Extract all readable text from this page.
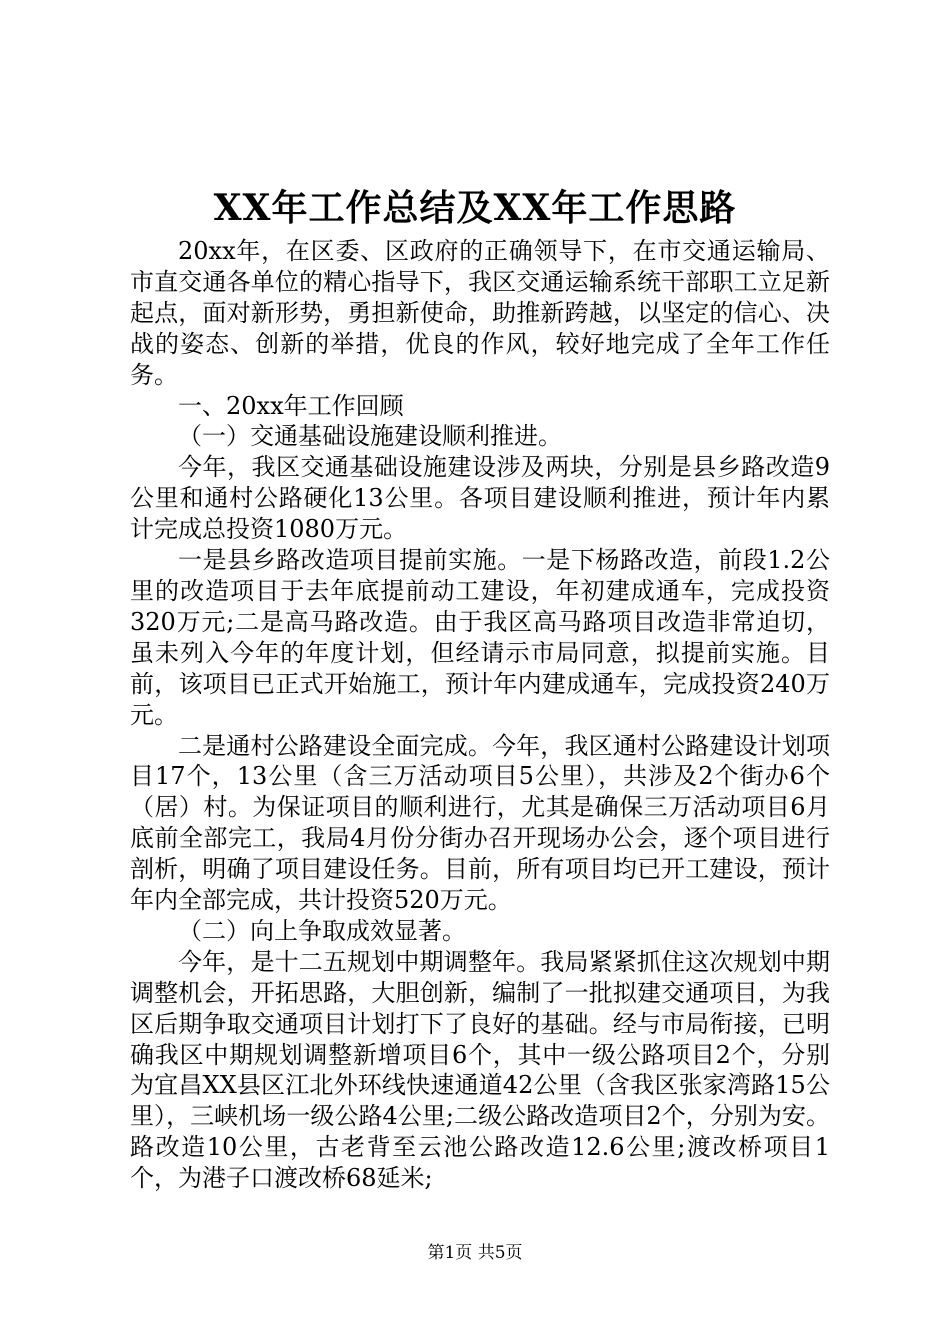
XX年工作总结及XX年工作思路

20xx年，在区委、区政府的正确领导下，在市交通运输局、市直交通各单位的精心指导下，我区交通运输系统干部职工立足新起点，面对新形势，勇担新使命，助推新跨越，以坚定的信心、决战的姿态、创新的举措，优良的作风，较好地完成了全年工作任务。

一、20xx年工作回顾

（一）交通基础设施建设顺利推进。

今年，我区交通基础设施建设涉及两块，分别是县乡路改造9公里和通村公路硬化13公里。各项目建设顺利推进，预计年内累计完成总投资1080万元。

一是县乡路改造项目提前实施。一是下杨路改造，前段1.2公里的改造项目于去年底提前动工建设，年初建成通车，完成投资320万元;二是高马路改造。由于我区高马路项目改造非常迫切，虽未列入今年的年度计划，但经请示市局同意，拟提前实施。目前，该项目已正式开始施工，预计年内建成通车，完成投资240万元。

二是通村公路建设全面完成。今年，我区通村公路建设计划项目17个，13公里（含三万活动项目5公里），共涉及2个街办6个（居）村。为保证项目的顺利进行，尤其是确保三万活动项目6月底前全部完工，我局4月份分街办召开现场办公会，逐个项目进行剖析，明确了项目建设任务。目前，所有项目均已开工建设，预计年内全部完成，共计投资520万元。

（二）向上争取成效显著。

今年，是十二五规划中期调整年。我局紧紧抓住这次规划中期调整机会，开拓思路，大胆创新，编制了一批拟建交通项目，为我区后期争取交通项目计划打下了良好的基础。经与市局衔接，已明确我区中期规划调整新增项目6个，其中一级公路项目2个，分别为宜昌XX县区江北外环线快速通道42公里（含我区张家湾路15公里），三峡机场一级公路4公里;二级公路改造项目2个，分别为安。路改造10公里，古老背至云池公路改造12.6公里;渡改桥项目1个，为港子口渡改桥68延米;

第1页 共5页
